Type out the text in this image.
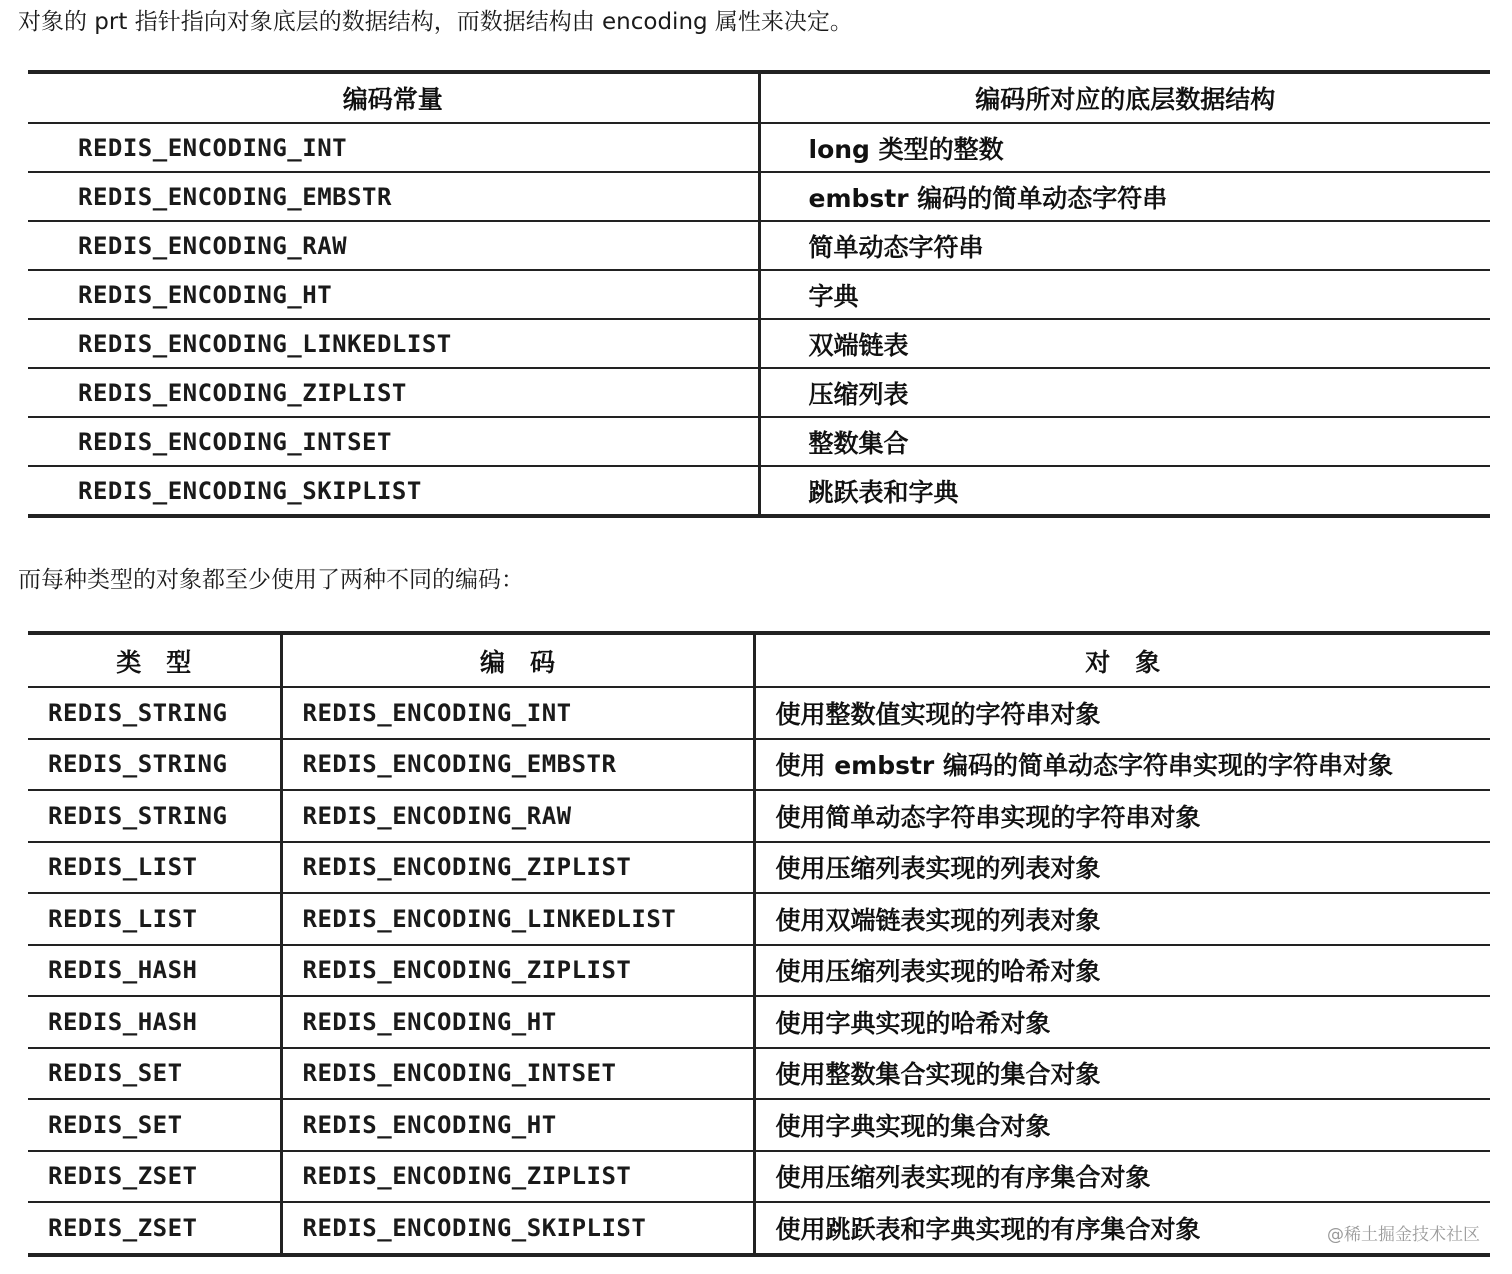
对象的 prt 指针指向对象底层的数据结构，而数据结构由 encoding 属性来决定。
编码常量	编码所对应的底层数据结构
REDIS_ENCODING_INT	long 类型的整数
REDIS_ENCODING_EMBSTR	embstr 编码的简单动态字符串
REDIS_ENCODING_RAW	简单动态字符串
REDIS_ENCODING_HT	字典
REDIS_ENCODING_LINKEDLIST	双端链表
REDIS_ENCODING_ZIPLIST	压缩列表
REDIS_ENCODING_INTSET	整数集合
REDIS_ENCODING_SKIPLIST	跳跃表和字典
而每种类型的对象都至少使用了两种不同的编码：
类　型	编　码	对　象
REDIS_STRING	REDIS_ENCODING_INT	使用整数值实现的字符串对象
REDIS_STRING	REDIS_ENCODING_EMBSTR	使用 embstr 编码的简单动态字符串实现的字符串对象
REDIS_STRING	REDIS_ENCODING_RAW	使用简单动态字符串实现的字符串对象
REDIS_LIST	REDIS_ENCODING_ZIPLIST	使用压缩列表实现的列表对象
REDIS_LIST	REDIS_ENCODING_LINKEDLIST	使用双端链表实现的列表对象
REDIS_HASH	REDIS_ENCODING_ZIPLIST	使用压缩列表实现的哈希对象
REDIS_HASH	REDIS_ENCODING_HT	使用字典实现的哈希对象
REDIS_SET	REDIS_ENCODING_INTSET	使用整数集合实现的集合对象
REDIS_SET	REDIS_ENCODING_HT	使用字典实现的集合对象
REDIS_ZSET	REDIS_ENCODING_ZIPLIST	使用压缩列表实现的有序集合对象
REDIS_ZSET	REDIS_ENCODING_SKIPLIST	使用跳跃表和字典实现的有序集合对象	@稀土掘金技术社区
